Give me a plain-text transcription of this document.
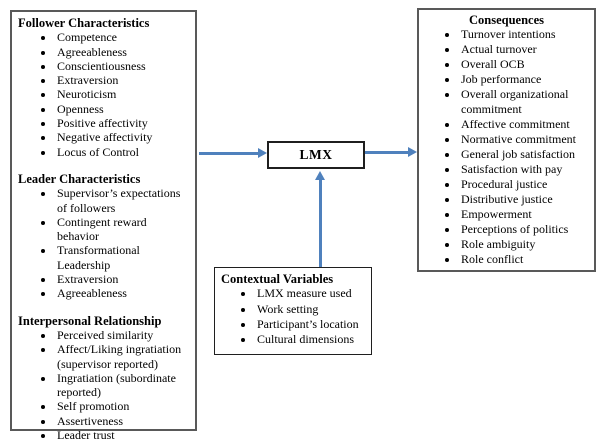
Follower Characteristics
• Competence
• Agreeableness
• Conscientiousness
• Extraversion
• Neuroticism
• Openness
• Positive affectivity
• Negative affectivity
• Locus of Control
Leader Characteristics
• Supervisor’s expectations of followers
• Contingent reward behavior
• Transformational Leadership
• Extraversion
• Agreeableness
Interpersonal Relationship
• Perceived similarity
• Affect/Liking ingratiation (supervisor reported)
• Ingratiation (subordinate reported)
• Self promotion
• Assertiveness
• Leader trust
LMX
Consequences
• Turnover intentions
• Actual turnover
• Overall OCB
• Job performance
• Overall organizational commitment
• Affective commitment
• Normative commitment
• General job satisfaction
• Satisfaction with pay
• Procedural justice
• Distributive justice
• Empowerment
• Perceptions of politics
• Role ambiguity
• Role conflict
Contextual Variables
• LMX measure used
• Work setting
• Participant’s location
• Cultural dimensions
